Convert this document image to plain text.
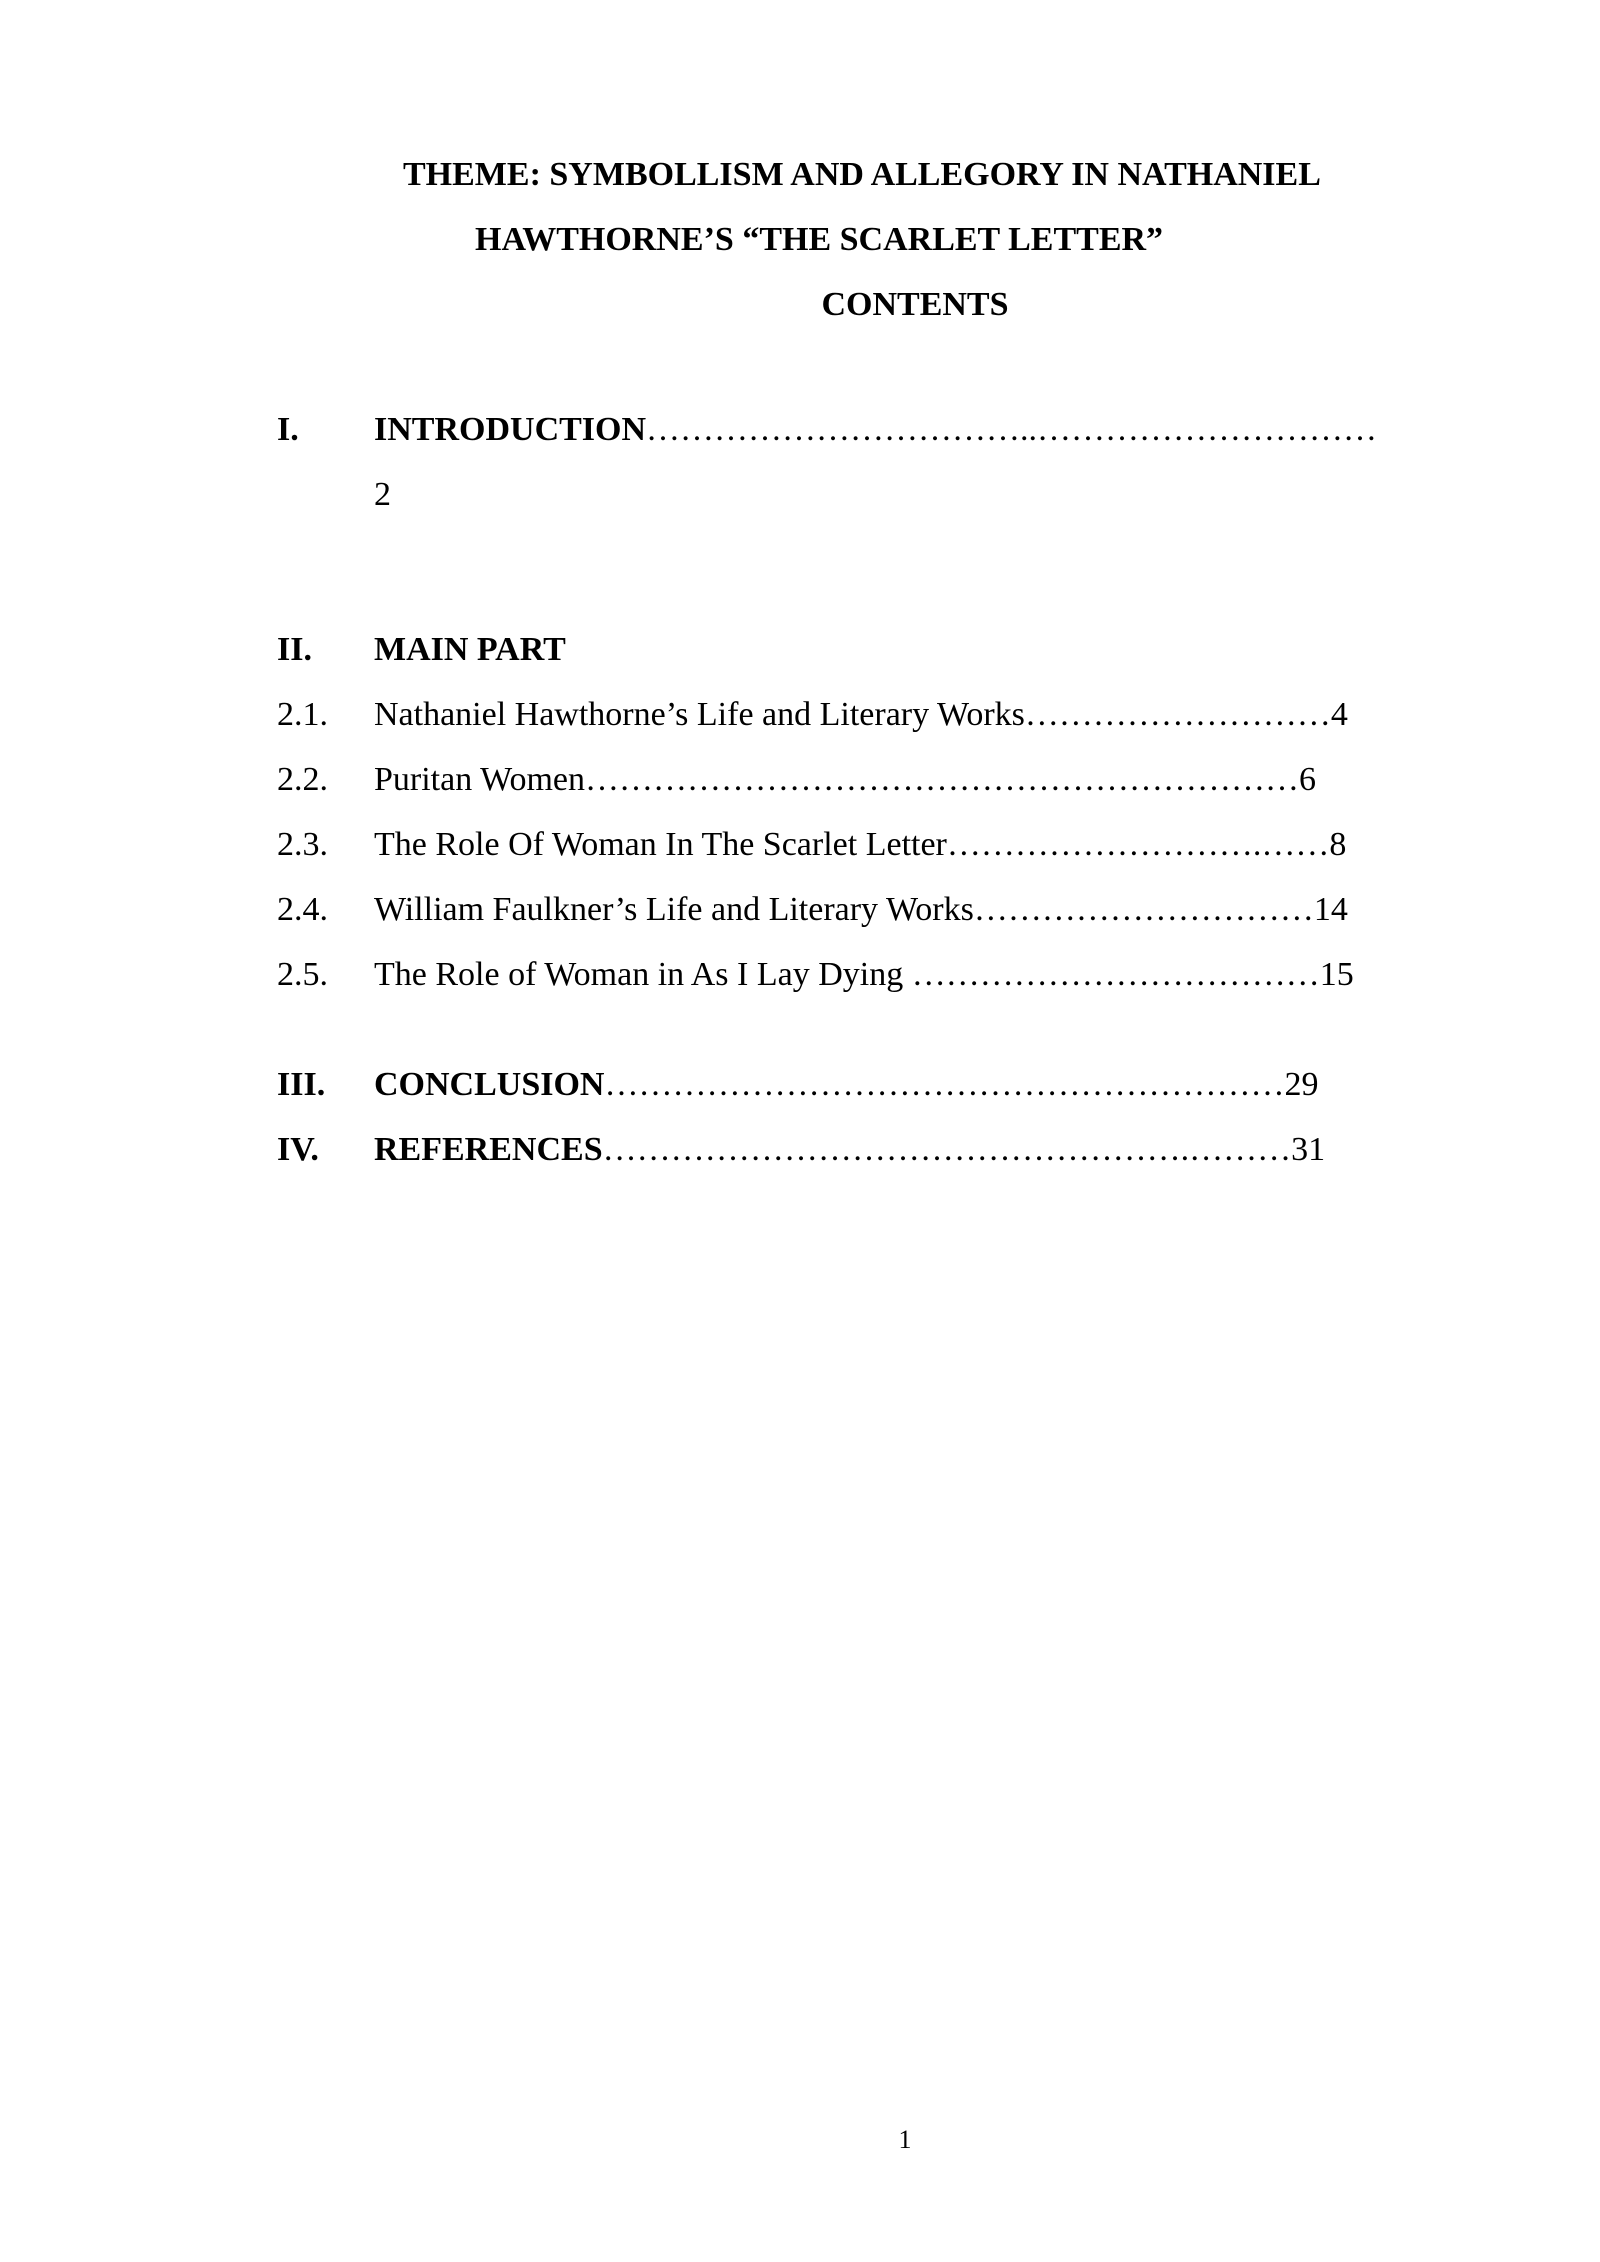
THEME: SYMBOLLISM AND ALLEGORY IN NATHANIEL
HAWTHORNE’S “THE SCARLET LETTER”
CONTENTS
I.	INTRODUCTION……………………………..…………………………
2
II.	MAIN PART
2.1.	Nathaniel Hawthorne’s Life and Literary Works………………………4
2.2.	Puritan Women………………………………………………………6
2.3.	The Role Of Woman In The Scarlet Letter……………………….……8
2.4.	William Faulkner’s Life and Literary Works…………………………14
2.5.	The Role of Woman in As I Lay Dying ………………………………15
III.	CONCLUSION……………………………………………………29
IV.	REFERENCES…………………………………………….………31
1
